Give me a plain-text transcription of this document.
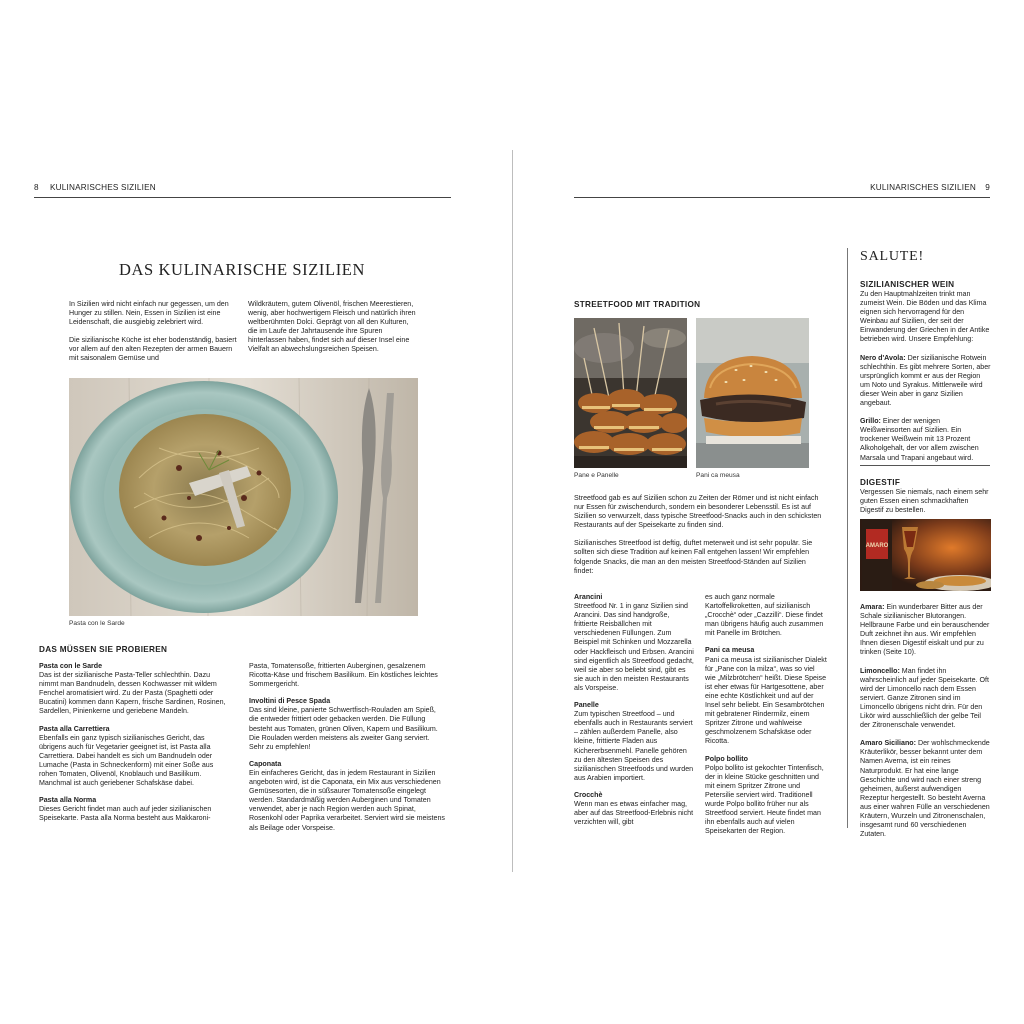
8 KULINARISCHES SIZILIEN	KULINARISCHES SIZILIEN 9
DAS KULINARISCHE SIZILIEN

In Sizilien wird nicht einfach nur gegessen, um den Hunger zu stillen. Nein, Essen in Sizilien ist eine Leidenschaft, die ausgiebig zelebriert wird.

Die sizilianische Küche ist eher bodenständig, basiert vor allem auf den alten Rezepten der armen Bauern mit saisonalem Gemüse und

Wildkräutern, gutem Olivenöl, frischen Meerestieren, wenig, aber hochwertigem Fleisch und natürlich ihren weltberühmten Dolci. Geprägt von all den Kulturen, die im Laufe der Jahrtausende ihre Spuren hinterlassen haben, findet sich auf dieser Insel eine Vielfalt an abwechslungsreichen Speisen.

Pasta con le Sarde
DAS MÜSSEN SIE PROBIEREN
Pasta con le Sarde
Das ist der sizilianische Pasta-Teller schlechthin. Dazu nimmt man Bandnudeln, dessen Kochwasser mit wildem Fenchel aromatisiert wird. Zu der Pasta (Spaghetti oder Bucatini) kommen dann Kapern, frische Sardinen, Rosinen, Sardellen, Pinienkerne und geriebene Mandeln.
Pasta alla Carrettiera
Ebenfalls ein ganz typisch sizilianisches Gericht, das übrigens auch für Vegetarier geeignet ist, ist Pasta alla Carrettiera. Dabei handelt es sich um Bandnudeln oder Lumache (Pasta in Schneckenform) mit einer Soße aus rohen Tomaten, Olivenöl, Knoblauch und Basilikum. Manchmal ist auch geriebener Schafskäse dabei.
Pasta alla Norma
Dieses Gericht findet man auch auf jeder sizilianischen Speisekarte. Pasta alla Norma besteht aus Makkaroni-
Pasta, Tomatensoße, frittierten Auberginen, gesalzenem Ricotta-Käse und frischem Basilikum. Ein köstliches leichtes Sommergericht.
Involtini di Pesce Spada
Das sind kleine, panierte Schwertfisch-Rouladen am Spieß, die entweder frittiert oder gebacken werden. Die Füllung besteht aus Tomaten, grünen Oliven, Kapern und Basilikum. Die Rouladen werden meistens als zweiter Gang serviert. Sehr zu empfehlen!
Caponata
Ein einfacheres Gericht, das in jedem Restaurant in Sizilien angeboten wird, ist die Caponata, ein Mix aus verschiedenen Gemüsesorten, die in süßsaurer Tomatensoße eingelegt werden. Standardmäßig werden Auberginen und Tomaten verwendet, aber je nach Region werden auch Spinat, Rosenkohl oder Paprika verarbeitet. Serviert wird sie meistens als Beilage oder Vorspeise.
STREETFOOD MIT TRADITION
Pane e Panelle	Pani ca meusa

Streetfood gab es auf Sizilien schon zu Zeiten der Römer und ist nicht einfach nur Essen für zwischendurch, sondern ein besonderer Lebensstil. Es ist auf Sizilien so verwurzelt, dass typische Streetfood-Snacks auch in den schicksten Restaurants auf der Speisekarte zu finden sind.

Sizilianisches Streetfood ist deftig, duftet meterweit und ist sehr populär. Sie sollten sich diese Tradition auf keinen Fall entgehen lassen! Wir empfehlen folgende Snacks, die man an den meisten Streetfood-Ständen auf Sizilien findet:

Arancini
Streetfood Nr. 1 in ganz Sizilien sind Arancini. Das sind handgroße, frittierte Reisbällchen mit verschiedenen Füllungen. Zum Beispiel mit Schinken und Mozzarella oder Hackfleisch und Erbsen. Arancini sind eigentlich als Streetfood gedacht, weil sie aber so beliebt sind, gibt es sie auch in den meisten Restaurants als Vorspeise.
Panelle
Zum typischen Streetfood – und ebenfalls auch in Restaurants serviert – zählen außerdem Panelle, also kleine, frittierte Fladen aus Kichererbsenmehl. Panelle gehören zu den ältesten Speisen des sizilianischen Streetfoods und wurden aus Arabien importiert.
Crocchè
Wenn man es etwas einfacher mag, aber auf das Streetfood-Erlebnis nicht verzichten will, gibt
es auch ganz normale Kartoffelkroketten, auf sizilianisch „Crocchè“ oder „Cazzilli“. Diese findet man übrigens häufig auch zusammen mit Panelle im Brötchen.
Pani ca meusa
Pani ca meusa ist sizilianischer Dialekt für „Pane con la milza“, was so viel wie „Milzbrötchen“ heißt. Diese Speise ist eher etwas für Hartgesottene, aber eine echte Köstlichkeit und auf der Insel sehr beliebt. Ein Sesambrötchen mit gebratener Rindermilz, einem Spritzer Zitrone und wahlweise geschmolzenem Schafskäse oder Ricotta.
Polpo bollito
Polpo bollito ist gekochter Tintenfisch, der in kleine Stücke geschnitten und mit einem Spritzer Zitrone und Petersilie serviert wird. Traditionell wurde Polpo bollito früher nur als Streetfood serviert. Heute findet man ihn ebenfalls auch auf vielen Speisekarten der Region.
SALUTE!
SIZILIANISCHER WEIN

Zu den Hauptmahlzeiten trinkt man zumeist Wein. Die Böden und das Klima eignen sich hervorragend für den Weinbau auf Sizilien, der seit der Einwanderung der Griechen in der Antike betrieben wird. Unsere Empfehlung:

Nero d'Avola: Der sizilianische Rotwein schlechthin. Es gibt mehrere Sorten, aber ursprünglich kommt er aus der Region um Noto und Syrakus. Mittlerweile wird dieser Wein aber in ganz Sizilien angebaut.

Grillo: Einer der wenigen Weißweinsorten auf Sizilien. Ein trockener Weißwein mit 13 Prozent Alkoholgehalt, der vor allem zwischen Marsala und Trapani angebaut wird.

DIGESTIF

Vergessen Sie niemals, nach einem sehr guten Essen einen schmackhaften Digestif zu bestellen.

AMARO

Amara: Ein wunderbarer Bitter aus der Schale sizilianischer Blutorangen. Hellbraune Farbe und ein berauschender Duft zeichnet ihn aus. Wir empfehlen Ihnen diesen Digestif eiskalt und pur zu trinken (Seite 10).

Limoncello: Man findet ihn wahrscheinlich auf jeder Speisekarte. Oft wird der Limoncello nach dem Essen serviert. Ganze Zitronen sind im Limoncello übrigens nicht drin. Für den Likör wird ausschließlich der gelbe Teil der Zitronenschale verwendet.

Amaro Siciliano: Der wohlschmeckende Kräuterlikör, besser bekannt unter dem Namen Averna, ist ein reines Naturprodukt. Er hat eine lange Geschichte und wird nach einer streng geheimen, äußerst aufwendigen Rezeptur hergestellt. So besteht Averna aus einer wahren Fülle an verschiedenen Kräutern, Wurzeln und Zitronenschalen, insgesamt rund 60 verschiedenen Zutaten.
